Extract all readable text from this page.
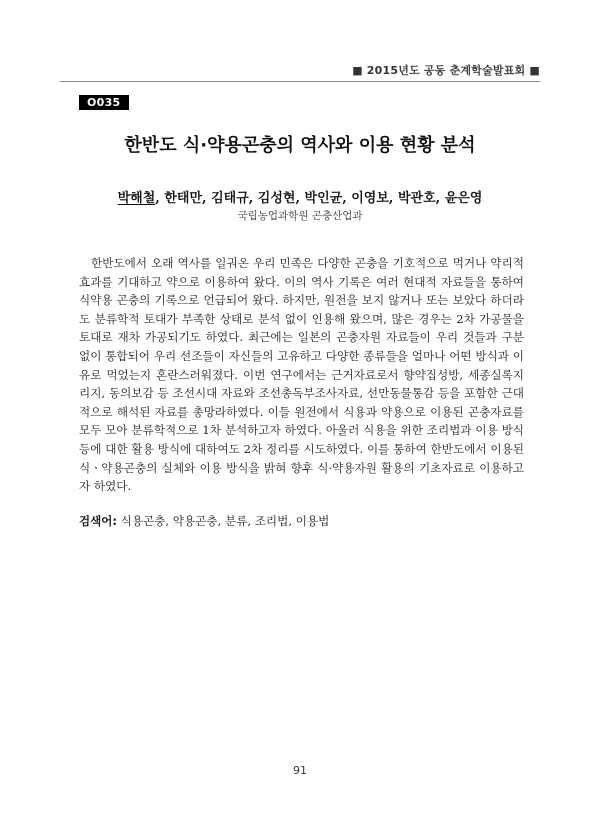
■ 2015년도 공동 춘계학술발표회 ■
O035
한반도 식·약용곤충의 역사와 이용 현황 분석
박해철, 한태만, 김태규, 김성현, 박인균, 이영보, 박관호, 윤은영
국립농업과학원 곤충산업과

한반도에서 오래 역사를 일궈온 우리 민족은 다양한 곤충을 기호적으로 먹거나 약리적 효과를 기대하고 약으로 이용하여 왔다. 이의 역사 기록은 여러 현대적 자료들을 통하여 식약용 곤충의 기록으로 언급되어 왔다. 하지만, 원전을 보지 않거나 또는 보았다 하더라도 분류학적 토대가 부족한 상태로 분석 없이 인용해 왔으며, 많은 경우는 2차 가공물을 토대로 재차 가공되기도 하였다. 최근에는 일본의 곤충자원 자료들이 우리 것들과 구분 없이 통합되어 우리 선조들이 자신들의 고유하고 다양한 종류들을 얼마나 어떤 방식과 이유로 먹었는지 혼란스러워졌다. 이번 연구에서는 근거자료로서 향약집성방, 세종실록지리지, 동의보감 등 조선시대 자료와 조선총독부조사자료, 선만동물통감 등을 포함한 근대적으로 해석된 자료를 총망라하였다. 이들 원전에서 식용과 약용으로 이용된 곤충자료를 모두 모아 분류학적으로 1차 분석하고자 하였다. 아울러 식용을 위한 조리법과 이용 방식 등에 대한 활용 방식에 대하여도 2차 정리를 시도하였다. 이를 통하여 한반도에서 이용된 식ㆍ약용곤충의 실체와 이용 방식을 밝혀 향후 식·약용자원 활용의 기초자료로 이용하고자 하였다.

검색어: 식용곤충, 약용곤충, 분류, 조리법, 이용법
91
